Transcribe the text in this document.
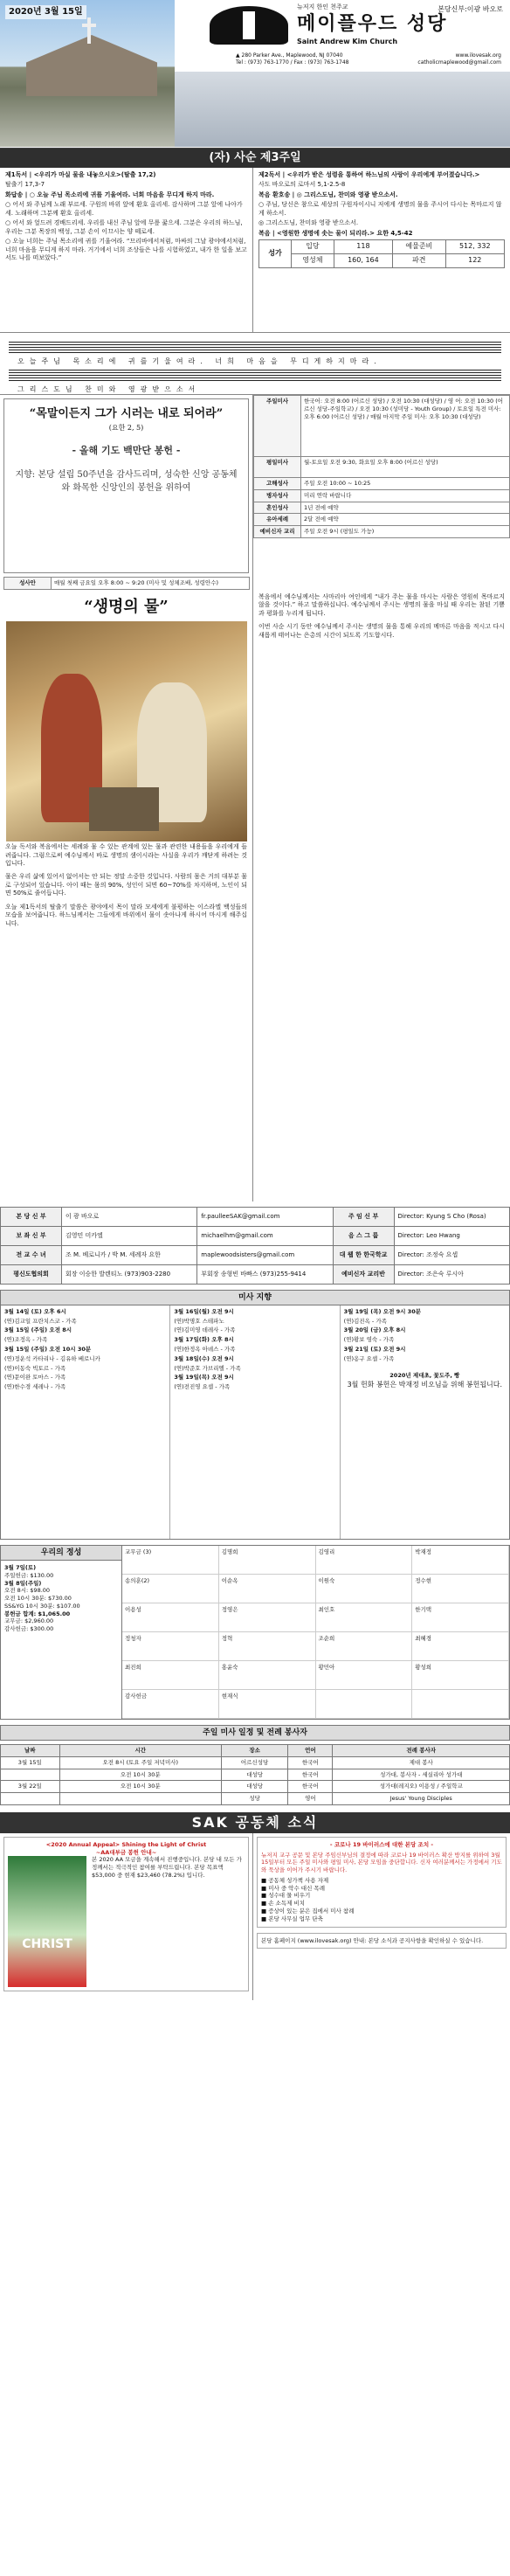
2020년 3월 15일	뉴저지 한인 천주교
메이플우드 성당
Saint Andrew Kim Church
본당신부:이광 바오로
▲ 280 Parker Ave., Maplewood, NJ 07040
Tel : (973) 763-1770 / Fax : (973) 763-1748
www.ilovesak.org
catholicmaplewood@gmail.com
(자) 사순 제3주일

제1독서 | <우리가 마실 물을 내놓으시오>(탈출 17,2)

탈출기 17,3-7

화답송 | ○ 오늘 주님 목소리에 귀를 기울여라. 너희 마음을 무디게 하지 마라.

○ 어서 와 주님께 노래 부르세. 구원의 바위 앞에 환호 올리세. 감사하며 그분 앞에 나아가세. 노래하며 그분께 환호 올리세.

○ 어서 와 엎드려 경배드리세. 우리를 내신 주님 앞에 무릎 꿇으세. 그분은 우리의 하느님, 우리는 그분 목장의 백성, 그분 손이 이끄시는 양 떼로세.

○ 오늘 너희는 주님 목소리에 귀를 기울여라. “므리바에서처럼, 마싸의 그날 광야에서처럼, 너희 마음을 무디게 하지 마라. 거기에서 너희 조상들은 나를 시험하였고, 내가 한 일을 보고서도 나를 떠보았다.”

제2독서 | <우리가 받은 성령을 통하여 하느님의 사랑이 우리에게 부어졌습니다.>

사도 바오로의 로마서 5,1-2.5-8

복음 환호송 | ◎ 그리스도님, 찬미와 영광 받으소서.

○ 주님, 당신은 참으로 세상의 구원자이시니 저에게 생명의 물을 주시어 다시는 목마르지 않게 하소서.

◎ 그리스도님, 찬미와 영광 받으소서.

복음 | <영원한 생명에 솟는 물이 되리라.> 요한 4,5-42

성가	입당	118	예물준비	512, 332
	영성체	160, 164	파견	122
오늘주님 목소리에 귀를기울여라. 너희 마음을 무디게하지마라.
그리스도님 찬미와 영광받으소서
“목말이든지 그가 시러는 내로 되어라”
(요한 2, 5)
- 올해 기도 백만단 봉헌 -
지향: 본당 설립 50주년을 감사드리며, 성숙한 신앙 공동체와 화목한 신앙인의 봉헌을 위하여
성사안	매월 첫째 금요일 오후 8:00 ~ 9:20 (미사 및 성체조배, 성령안수)
주일미사	한국어: 오전 8:00 (어르신 성당) / 오전 10:30 (대성당) / 영 어: 오전 10:30 (어르신 성당-주일학교) / 오전 10:30 (성미당 - Youth Group) / 토요일 특전 미사: 오후 6:00 (어르신 성당) / 매월 마지막 주일 미사: 오후 10:30 (대성당)
평일미사	월-토요일 오전 9:30, 화요일 오후 8:00 (어르신 성당)
고해성사	주일 오전 10:00 ~ 10:25
병자성사	미리 연락 바랍니다
혼인성사	1년 전에 예약
유아세례	2달 전에 예약
예비신자 교리	주일 오전 9시 (평일도 가능)
“생명의 물”

오늘 독서와 복음에서는 세례와 물 수 있는 관계에 있는 물과 관련한 내용들을 우리에게 들려줍니다. 그럼으로써 예수님께서 바로 생명의 샘이시라는 사실을 우리가 깨닫게 하려는 것입니다.

물은 우리 삶에 있어서 없어서는 안 되는 정말 소중한 것입니다. 사람의 몸은 거의 대부분 물로 구성되어 있습니다. 아이 때는 몸의 90%, 성인이 되면 60~70%를 차지하며, 노인이 되면 50%로 줄어듭니다.

오늘 제1독서의 탈출기 말씀은 광야에서 목이 말라 모세에게 불평하는 이스라엘 백성들의 모습을 보여줍니다. 하느님께서는 그들에게 바위에서 물이 솟아나게 하시어 마시게 해주십니다.

복음에서 예수님께서는 사마리아 여인에게 “내가 주는 물을 마시는 사람은 영원히 목마르지 않을 것이다.” 하고 말씀하십니다. 예수님께서 주시는 생명의 물을 마실 때 우리는 참된 기쁨과 평화를 누리게 됩니다.

이번 사순 시기 동안 예수님께서 주시는 생명의 물을 통해 우리의 메마른 마음을 적시고 다시 새롭게 태어나는 은총의 시간이 되도록 기도합시다.

본 당 신 부	이 광 바오로	fr.paulleeSAK@gmail.com	주 임 신 부	Director: Kyung S Cho (Rosa)
보 좌 신 부	김영민 미카엘	michaelhm@gmail.com	음 스 그 룹	Director: Leo Hwang
전 교 수 녀	조 M. 베로니카 / 박 M. 세례자 요한	maplewoodsisters@gmail.com	대 웹 한 한국학교	Director: 조정숙 요셉
평신도협의회	회장 이승한 발렌티노 (973)903-2280	부회장 송형빈 바빠스 (973)255-9414	예비신자 교리반	Director: 조은숙 루시아
미사 지향

3월 14일 (토) 오후 6시

(연)김교일 프란치스코 - 가족

3월 15일 (주일) 오전 8시

(연)조정옥 - 가족

3월 15일 (주일) 오전 10시 30분

(연)정운석 카타리나 - 김유하 베로니카

(연)이동숙 빅토르 - 가족

(연)문이완 토마스 - 가족

(연)한수경 세레나 - 가족

3월 16일(월) 오전 9시

(연)박명호 스테파노

(연)김미영 데레사 - 가족

3월 17일(화) 오후 8시

(연)한정옥 아녜스 - 가족

3월 18일(수) 오전 9시

(연)박준호 가브리엘 - 가족

3월 19일(목) 오전 9시

(연)전진영 요셉 - 가족

3월 19일 (목) 오전 9시 30분

(연)김진옥 - 가족

3월 20일 (금) 오후 8시

(연)황보 영숙 - 가족

3월 21일 (토) 오전 9시

(연)옹구 요셉 - 가족

2020년 제대초, 꽃도주, 빵

3월 헌화 봉헌은 박재정 비오님을 위해 봉헌됩니다.

우리의 정성

3월 7일(토)

주일헌금: $130.00

3월 8일(주일)

오전 8시: $98.00

오전 10시 30분: $730.00

SS&YG 10시 30분: $107.00

봉헌금 합계: $1,065.00

교무금: $2,960.00

감사헌금: $300.00

교무금 (3)	김명희	김영리	박재정
송의훈(2)	이순옥	이원숙	정수현
이용성	정영은	최인호	한기택
정청자	정혁	조순희	최혜경
최진희	홍윤숙	황민아	황성희
감사헌금	현재식
주일 미사 일정 및 전례 봉사자
날짜	시간	장소	언어	전례 봉사자
3월 15일	오전 8시 (토요 주일 저녁미사)	어르신성당	한국어	제대 봉사
	오전 10시 30분	대성당	한국어	성가대, 봉사자 - 세실리아 성가대
3월 22일	오전 10시 30분	대성당	한국어	성가대(레지오) 이용성 / 주일학교
		성당	영어	Jesus' Young Disciples
SAK 공동체 소식

<2020 Annual Appeal> Shining the Light of Christ

~AA대부금 봉헌 안내~

CHRIST

본 2020 AA 모금을 계속해서 진행중입니다. 본당 내 모든 가정께서는 적극적인 참여를 부탁드립니다. 본당 목표액 $53,000 중 현재 $23,460 (78.2%) 입니다.

- 코로나 19 바이러스에 대한 본당 조치 -

뉴저지 교구 공문 및 본당 주임신부님의 결정에 따라 코로나 19 바이러스 확산 방지를 위하여 3월 15일부터 모든 주일 미사와 평일 미사, 본당 모임을 중단합니다. 신자 여러분께서는 가정에서 기도와 묵상을 이어가 주시기 바랍니다.

■ 공동체 성가책 사용 자제

■ 미사 중 악수 대신 목례

■ 성수대 물 비우기

■ 손 소독제 비치

■ 증상이 있는 분은 집에서 미사 참례

■ 본당 사무실 업무 단축

본당 홈페이지 (www.ilovesak.org) 안내: 본당 소식과 공지사항을 확인하실 수 있습니다.
